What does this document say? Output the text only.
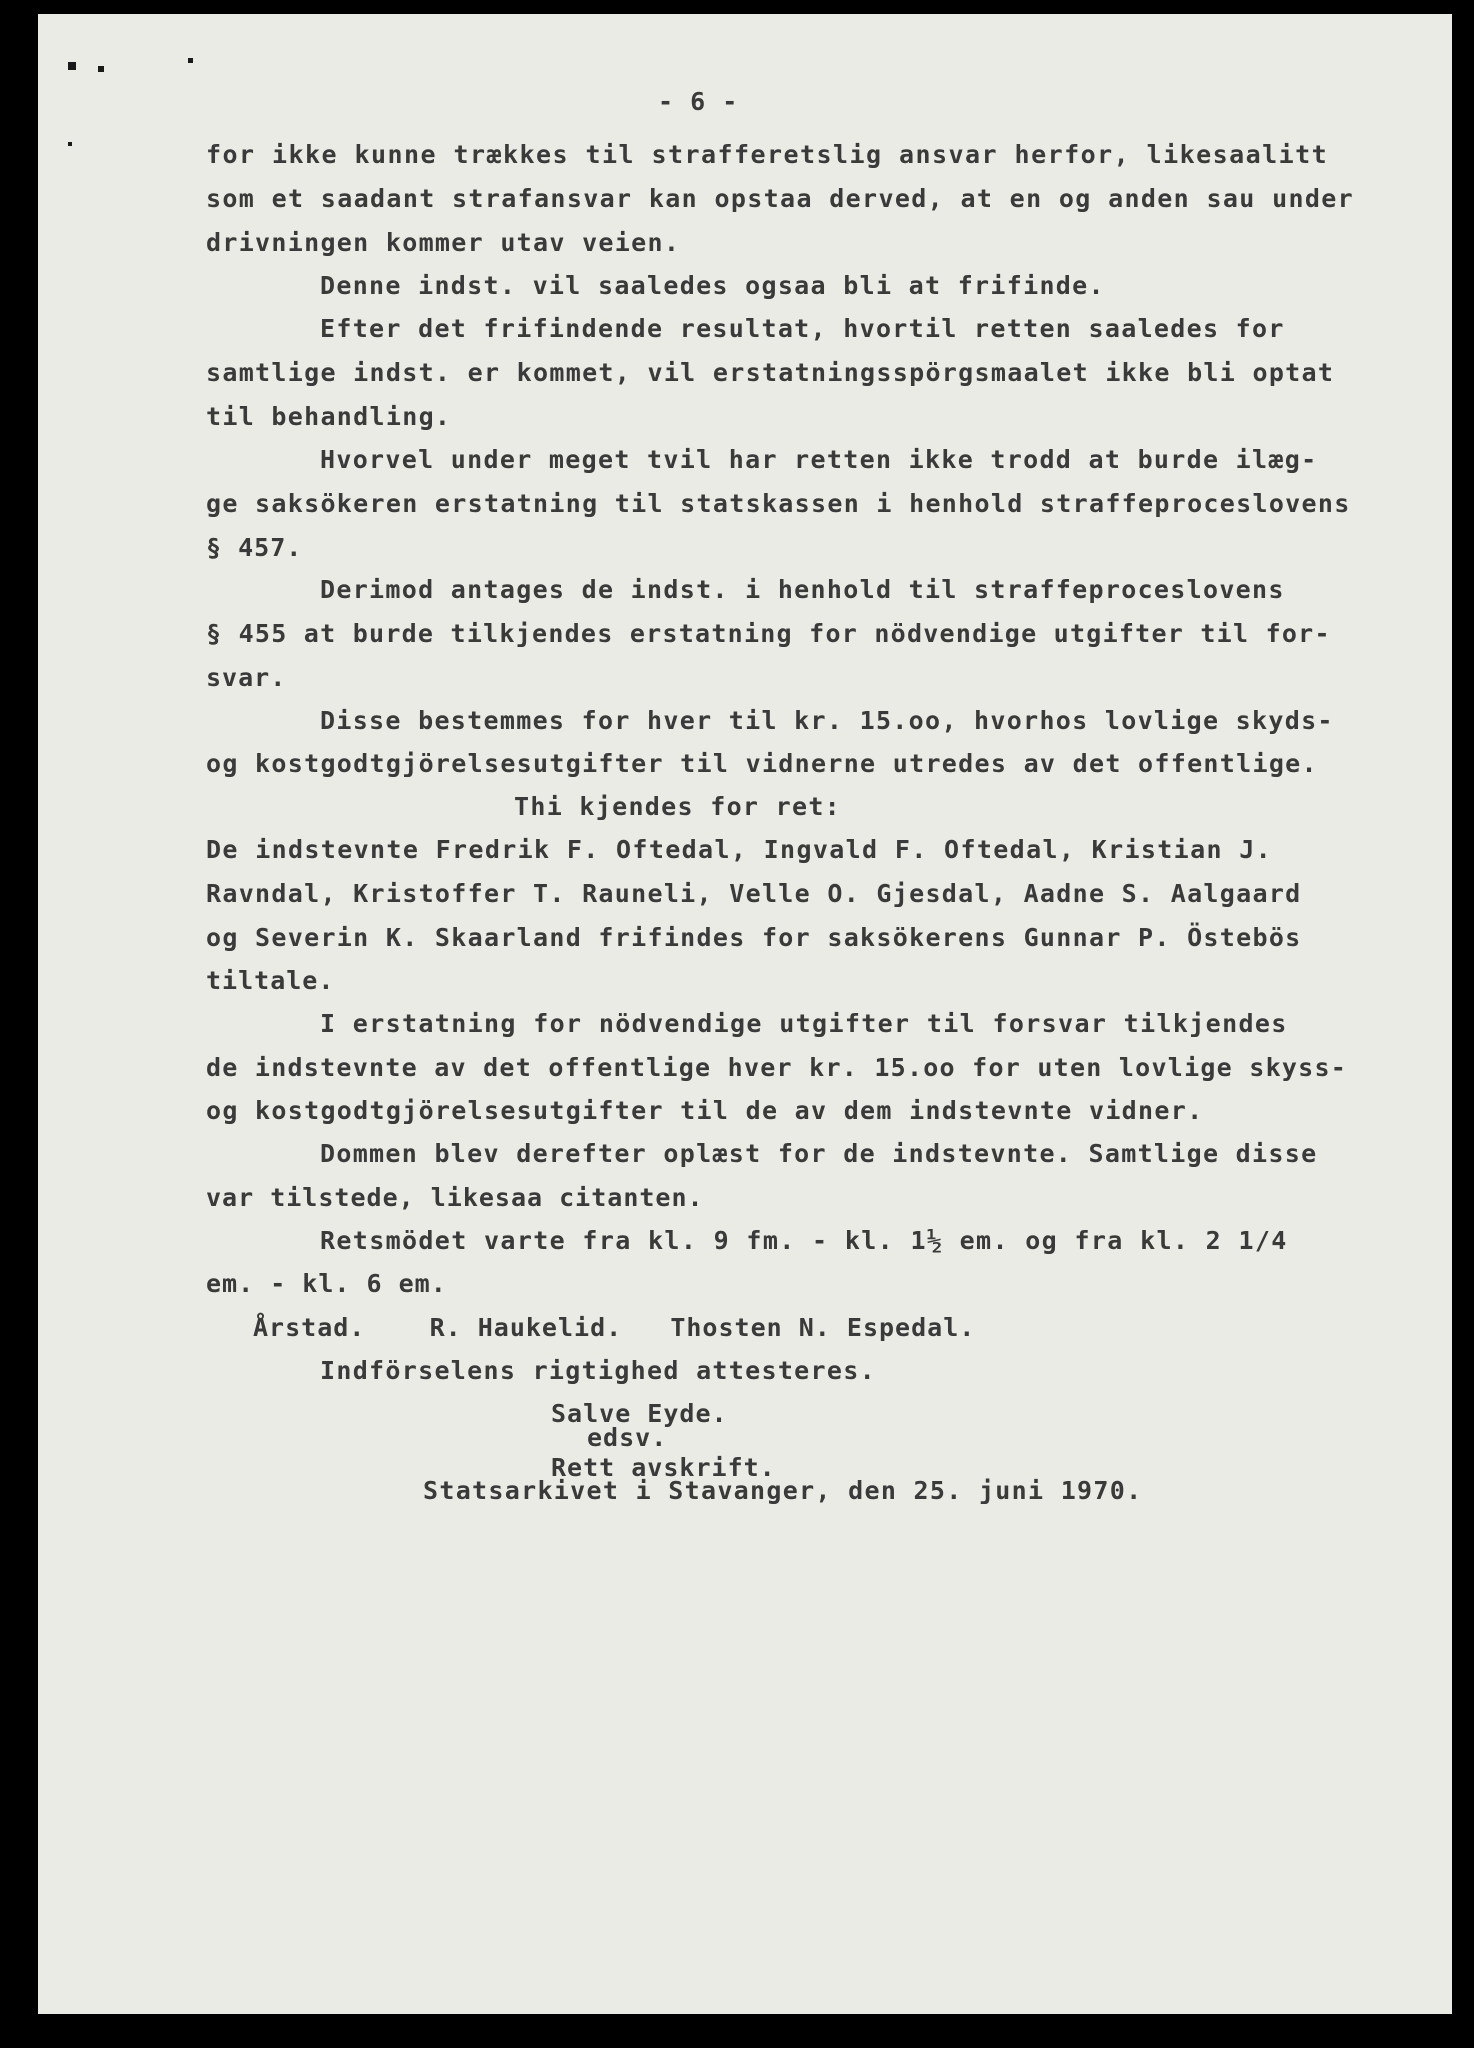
- 6 -
for ikke kunne trækkes til strafferetslig ansvar herfor, likesaalitt
som et saadant strafansvar kan opstaa derved, at en og anden sau under
drivningen kommer utav veien.
Denne indst. vil saaledes ogsaa bli at frifinde.
Efter det frifindende resultat, hvortil retten saaledes for
samtlige indst. er kommet, vil erstatningsspörgsmaalet ikke bli optat
til behandling.
Hvorvel under meget tvil har retten ikke trodd at burde ilæg-
ge saksökeren erstatning til statskassen i henhold straffeproceslovens
§ 457.
Derimod antages de indst. i henhold til straffeproceslovens
§ 455 at burde tilkjendes erstatning for nödvendige utgifter til for-
svar.
Disse bestemmes for hver til kr. 15.oo, hvorhos lovlige skyds-
og kostgodtgjörelsesutgifter til vidnerne utredes av det offentlige.
Thi kjendes for ret:
De indstevnte Fredrik F. Oftedal, Ingvald F. Oftedal, Kristian J.
Ravndal, Kristoffer T. Rauneli, Velle O. Gjesdal, Aadne S. Aalgaard
og Severin K. Skaarland frifindes for saksökerens Gunnar P. Östebös
tiltale.
I erstatning for nödvendige utgifter til forsvar tilkjendes
de indstevnte av det offentlige hver kr. 15.oo for uten lovlige skyss-
og kostgodtgjörelsesutgifter til de av dem indstevnte vidner.
Dommen blev derefter oplæst for de indstevnte. Samtlige disse
var tilstede, likesaa citanten.
Retsmödet varte fra kl. 9 fm. - kl. 1½ em. og fra kl. 2 1/4
em. - kl. 6 em.
Årstad.    R. Haukelid.   Thosten N. Espedal.
Indförselens rigtighed attesteres.
Salve Eyde.
edsv.
Rett avskrift.
Statsarkivet i Stavanger, den 25. juni 1970.
